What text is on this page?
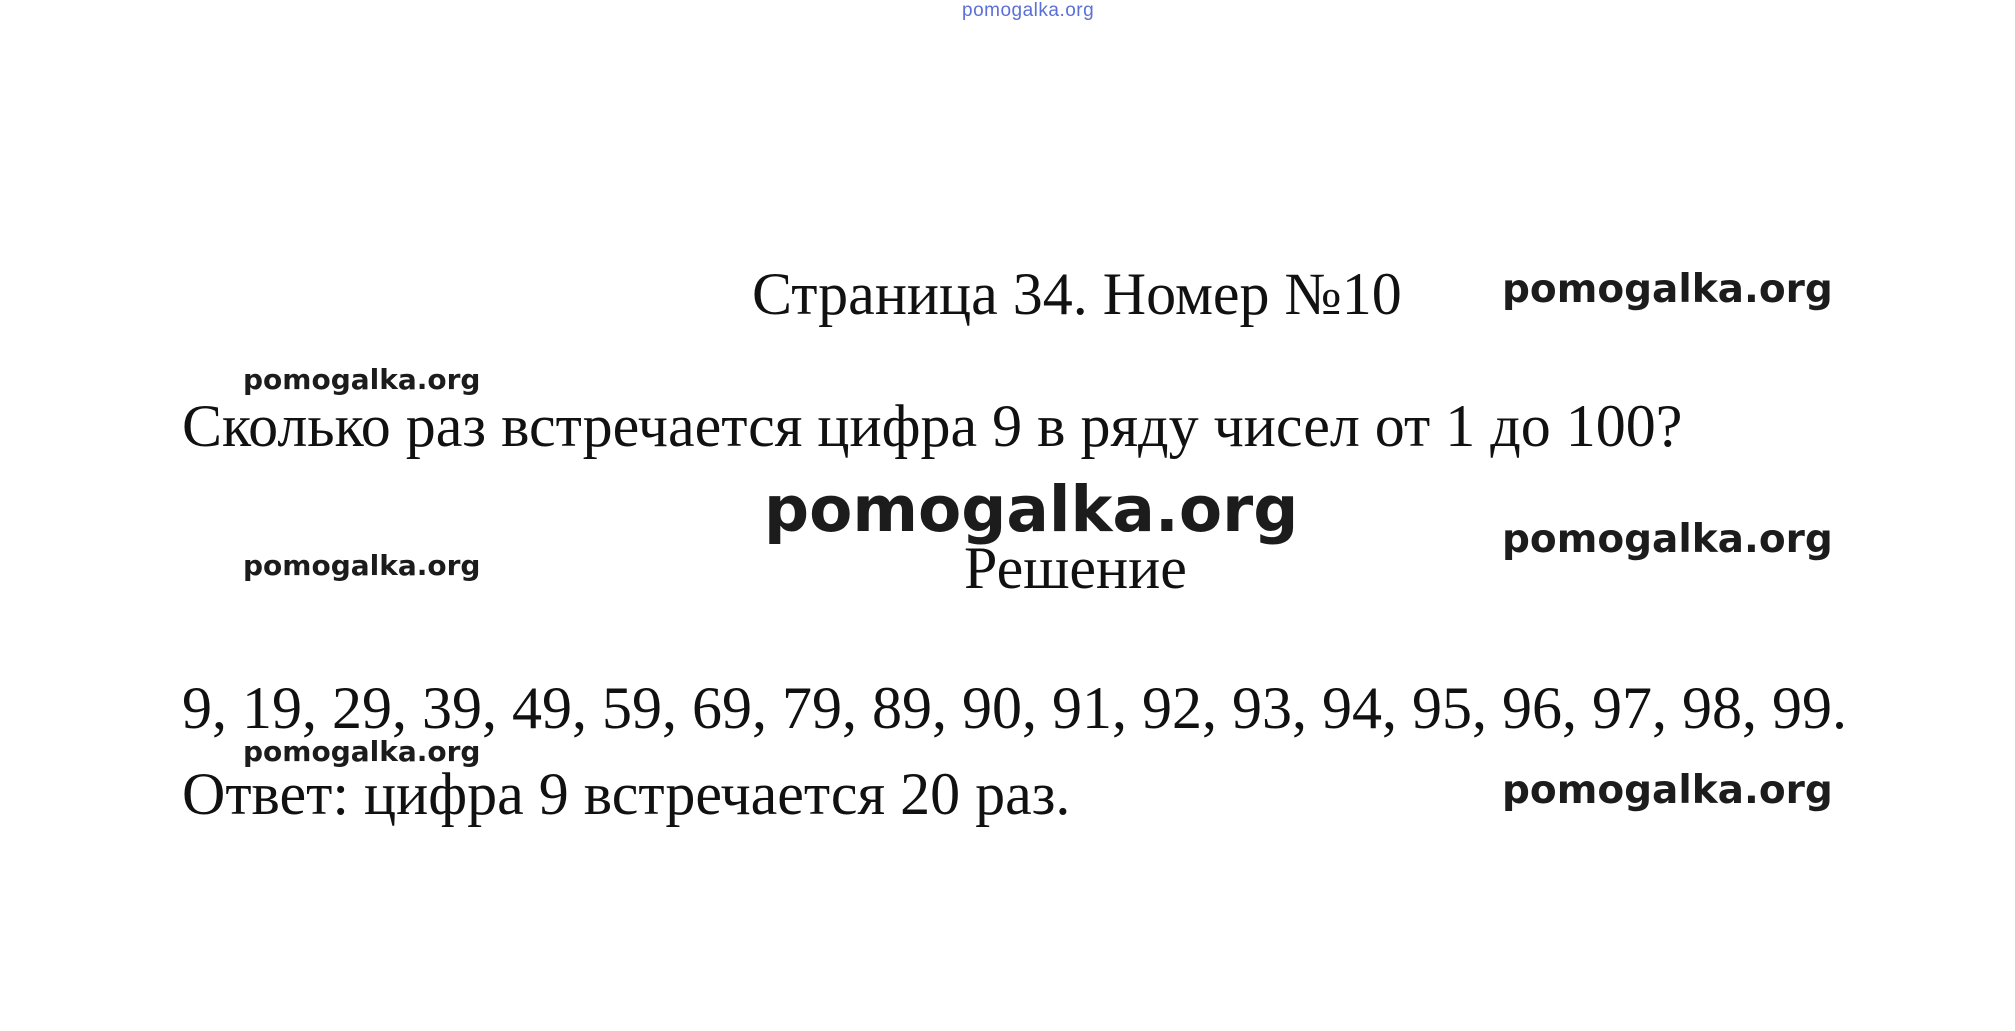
pomogalka.org
Страница 34. Номер №10
Сколько раз встречается цифра 9 в ряду чисел от 1 до 100?
Решение
9, 19, 29, 39, 49, 59, 69, 79, 89, 90, 91, 92, 93, 94, 95, 96, 97, 98, 99.
Ответ: цифра 9 встречается 20 раз.
pomogalka.org
pomogalka.org
pomogalka.org	pomogalka.org
pomogalka.org
pomogalka.org
pomogalka.org
